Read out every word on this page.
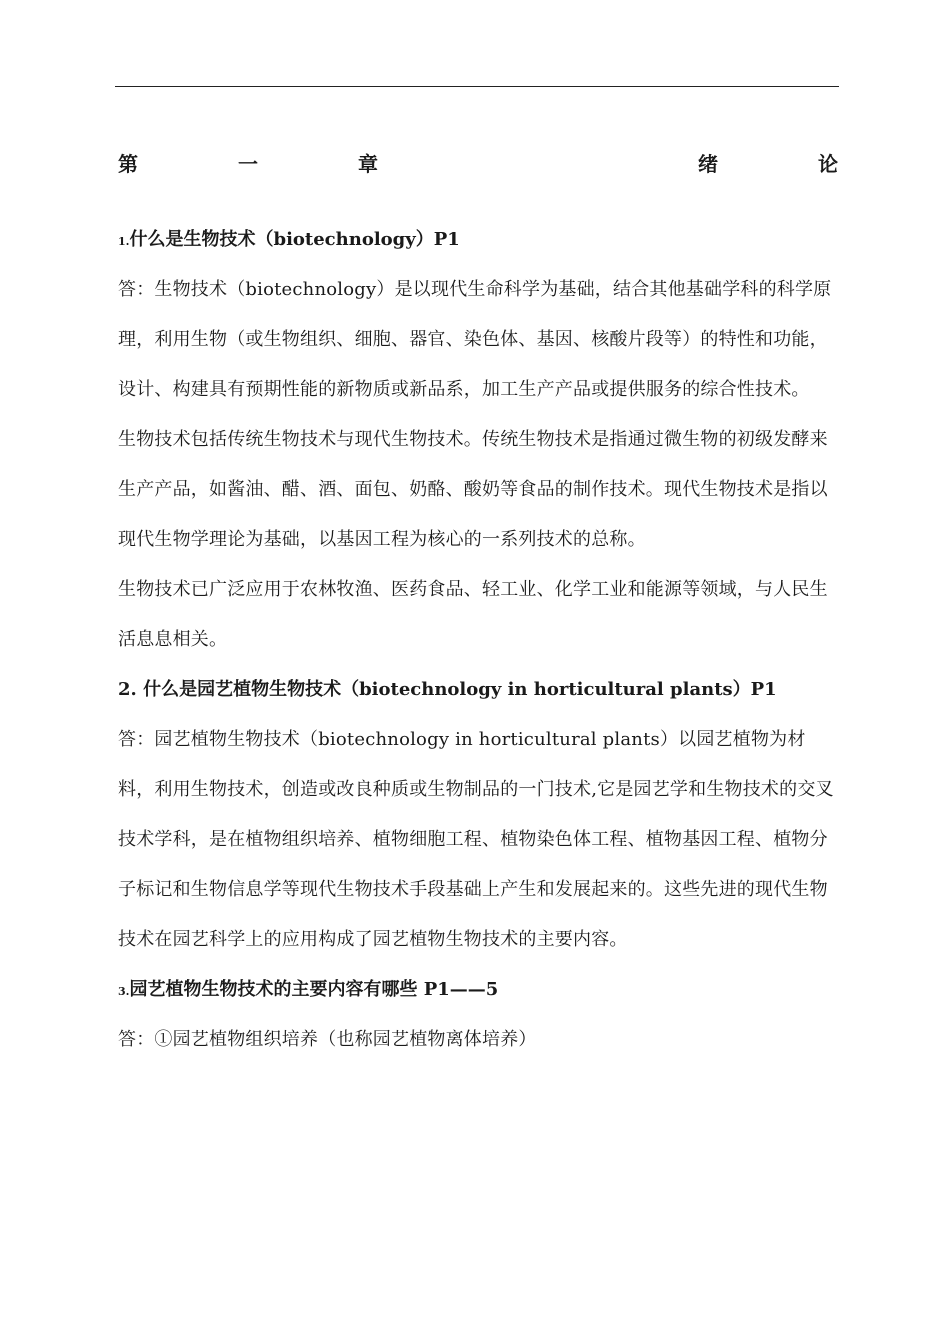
第	一	章	绪	论
1.什么是生物技术（biotechnology）P1

答：生物技术（biotechnology）是以现代生命科学为基础，结合其他基础学科的科学原理，利用生物（或生物组织、细胞、器官、染色体、基因、核酸片段等）的特性和功能，设计、构建具有预期性能的新物质或新品系，加工生产产品或提供服务的综合性技术。

生物技术包括传统生物技术与现代生物技术。传统生物技术是指通过微生物的初级发酵来生产产品，如酱油、醋、酒、面包、奶酪、酸奶等食品的制作技术。现代生物技术是指以现代生物学理论为基础，以基因工程为核心的一系列技术的总称。

生物技术已广泛应用于农林牧渔、医药食品、轻工业、化学工业和能源等领域，与人民生活息息相关。

2. 什么是园艺植物生物技术（biotechnology in horticultural plants）P1

答：园艺植物生物技术（biotechnology in horticultural plants）以园艺植物为材料，利用生物技术，创造或改良种质或生物制品的一门技术,它是园艺学和生物技术的交叉技术学科，是在植物组织培养、植物细胞工程、植物染色体工程、植物基因工程、植物分子标记和生物信息学等现代生物技术手段基础上产生和发展起来的。这些先进的现代生物技术在园艺科学上的应用构成了园艺植物生物技术的主要内容。

3.园艺植物生物技术的主要内容有哪些 P1——5

答：①园艺植物组织培养（也称园艺植物离体培养）
